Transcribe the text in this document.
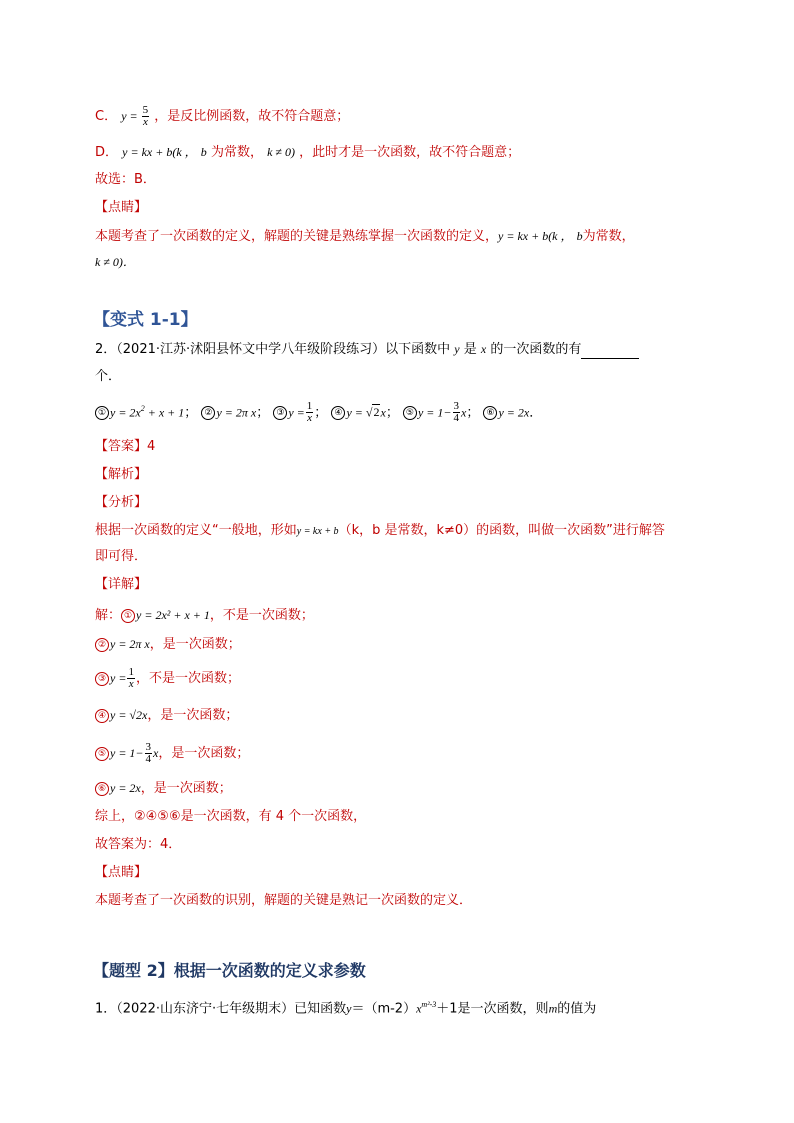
C． $y = \frac{5}{x}$ ，是反比例函数，故不符合题意；
D． y = kx + b(k ， b 为常数， k ≠ 0) ，此时才是一次函数，故不符合题意；
故选：B．
【点睛】
本题考查了一次函数的定义，解题的关键是熟练掌握一次函数的定义，y = kx + b(k ， b为常数，
k ≠ 0)．
【变式 1-1】
2．（2021·江苏·沭阳县怀文中学八年级阶段练习）以下函数中 y 是 x 的一次函数的有
个．
① $y = 2x^2 + x + 1$； ② y = 2π x； ③ $y = \frac{1}{x}$ ； ④ y = √2x； ⑤ $y = 1- \frac{3}{4}$ x； ⑥ y = 2x．
【答案】4
【解析】
【分析】
根据一次函数的定义“一般地，形如y = kx + b（k，b 是常数，k≠0）的函数，叫做一次函数”进行解答
即可得．
【详解】
解： ① y = 2x² + x + 1，不是一次函数；
② y = 2π x，是一次函数；
③ $y = \frac{1}{x}$ ，不是一次函数；
④ y = √2x，是一次函数；
⑤ $y = 1- \frac{3}{4}$ x，是一次函数；
⑥ y = 2x，是一次函数；
综上，②④⑤⑥是一次函数，有 4 个一次函数，
故答案为：4．
【点睛】
本题考查了一次函数的识别，解题的关键是熟记一次函数的定义．
【题型 2】根据一次函数的定义求参数
1．（2022·山东济宁·七年级期末）已知函数$y=(m-2)x^{m^2-3}+1$是一次函数，则m的值为
